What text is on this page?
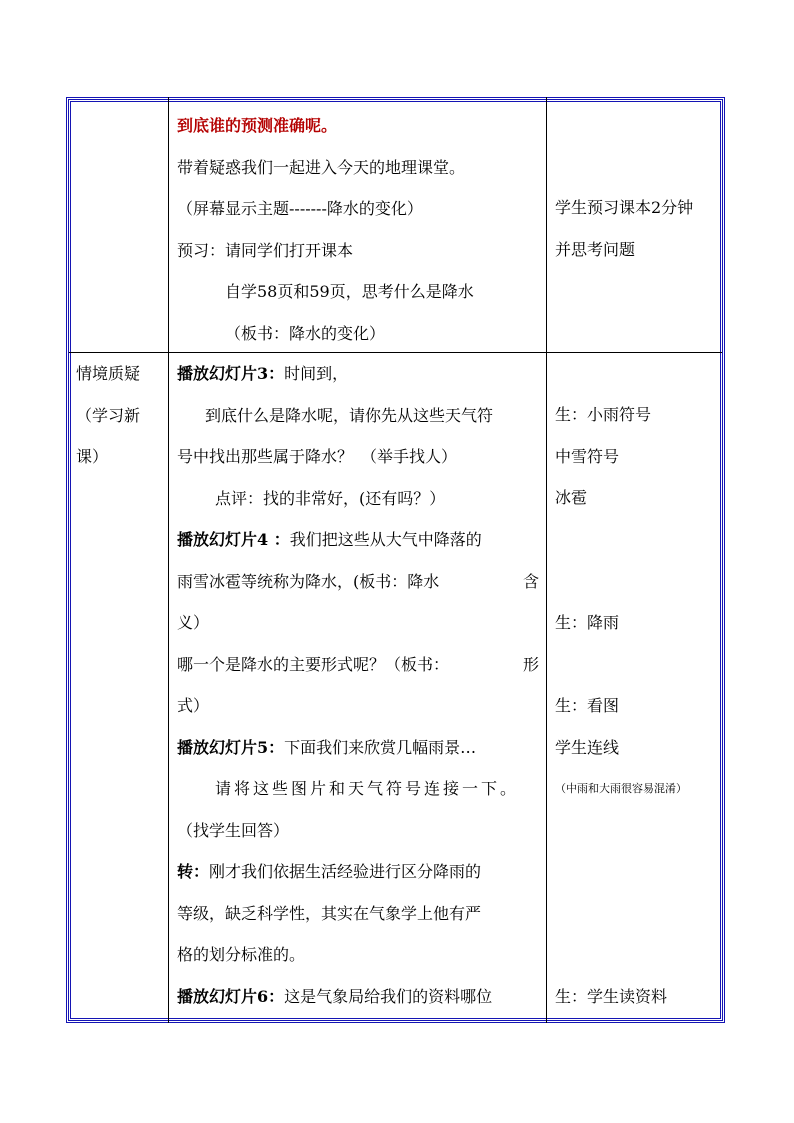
到底谁的预测准确呢。
带着疑惑我们一起进入今天的地理课堂。
（屏幕显示主题-------降水的变化）
预习：请同学们打开课本
自学58页和59页，思考什么是降水
（板书：降水的变化）
学生预习课本2分钟
并思考问题
情境质疑
（学习新
课）
播放幻灯片3：时间到，
到底什么是降水呢，请你先从这些天气符
号中找出那些属于降水？　（举手找人）
点评：找的非常好，(还有吗？）
播放幻灯片4 ：我们把这些从大气中降落的
雨雪冰雹等统称为降水，(板书：降水	含
义）
哪一个是降水的主要形式呢？（板书：	形
式）
播放幻灯片5：下面我们来欣赏几幅雨景…
请将这些图片和天气符号连接一下。
（找学生回答）
转：刚才我们依据生活经验进行区分降雨的
等级，缺乏科学性，其实在气象学上他有严
格的划分标准的。
播放幻灯片6：这是气象局给我们的资料哪位
生：小雨符号
中雪符号
冰雹
生：降雨
生：看图
学生连线
（中雨和大雨很容易混淆）
生：学生读资料
